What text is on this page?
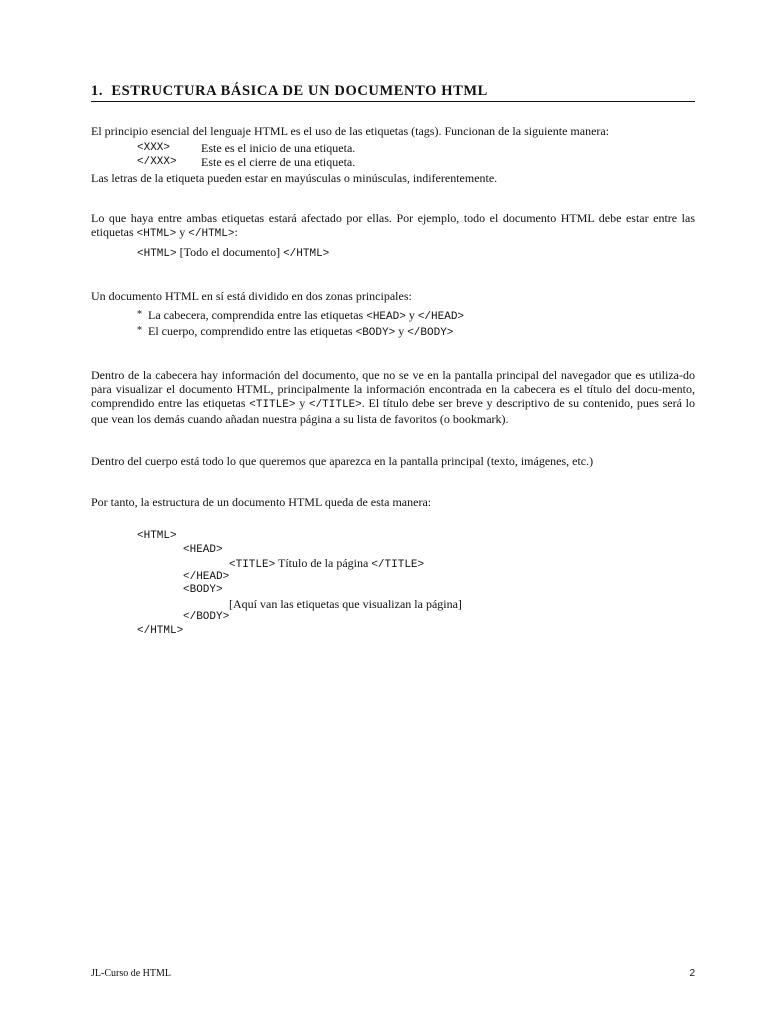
1. ESTRUCTURA BÁSICA DE UN DOCUMENTO HTML

El principio esencial del lenguaje HTML es el uso de las etiquetas (tags). Funcionan de la siguiente manera:

<XXX>	Este es el inicio de una etiqueta.
</XXX>	Este es el cierre de una etiqueta.

Las letras de la etiqueta pueden estar en mayúsculas o minúsculas, indiferentemente.

Lo que haya entre ambas etiquetas estará afectado por ellas. Por ejemplo, todo el documento HTML debe estar entre las etiquetas <HTML> y </HTML>:

<HTML> [Todo el documento] </HTML>

Un documento HTML en sí está dividido en dos zonas principales:

* La cabecera, comprendida entre las etiquetas <HEAD> y </HEAD>
* El cuerpo, comprendido entre las etiquetas <BODY> y </BODY>

Dentro de la cabecera hay información del documento, que no se ve en la pantalla principal del navegador que es utiliza-do para visualizar el documento HTML, principalmente la información encontrada en la cabecera es el título del docu-mento, comprendido entre las etiquetas <TITLE> y </TITLE>. El título debe ser breve y descriptivo de su contenido, pues será lo que vean los demás cuando añadan nuestra página a su lista de favoritos (o bookmark).

Dentro del cuerpo está todo lo que queremos que aparezca en la pantalla principal (texto, imágenes, etc.)

Por tanto, la estructura de un documento HTML queda de esta manera:

<HTML>
<HEAD>
<TITLE> Título de la página </TITLE>
</HEAD>
<BODY>
[Aquí van las etiquetas que visualizan la página]
</BODY>
</HTML>
JL-Curso de HTML	2
